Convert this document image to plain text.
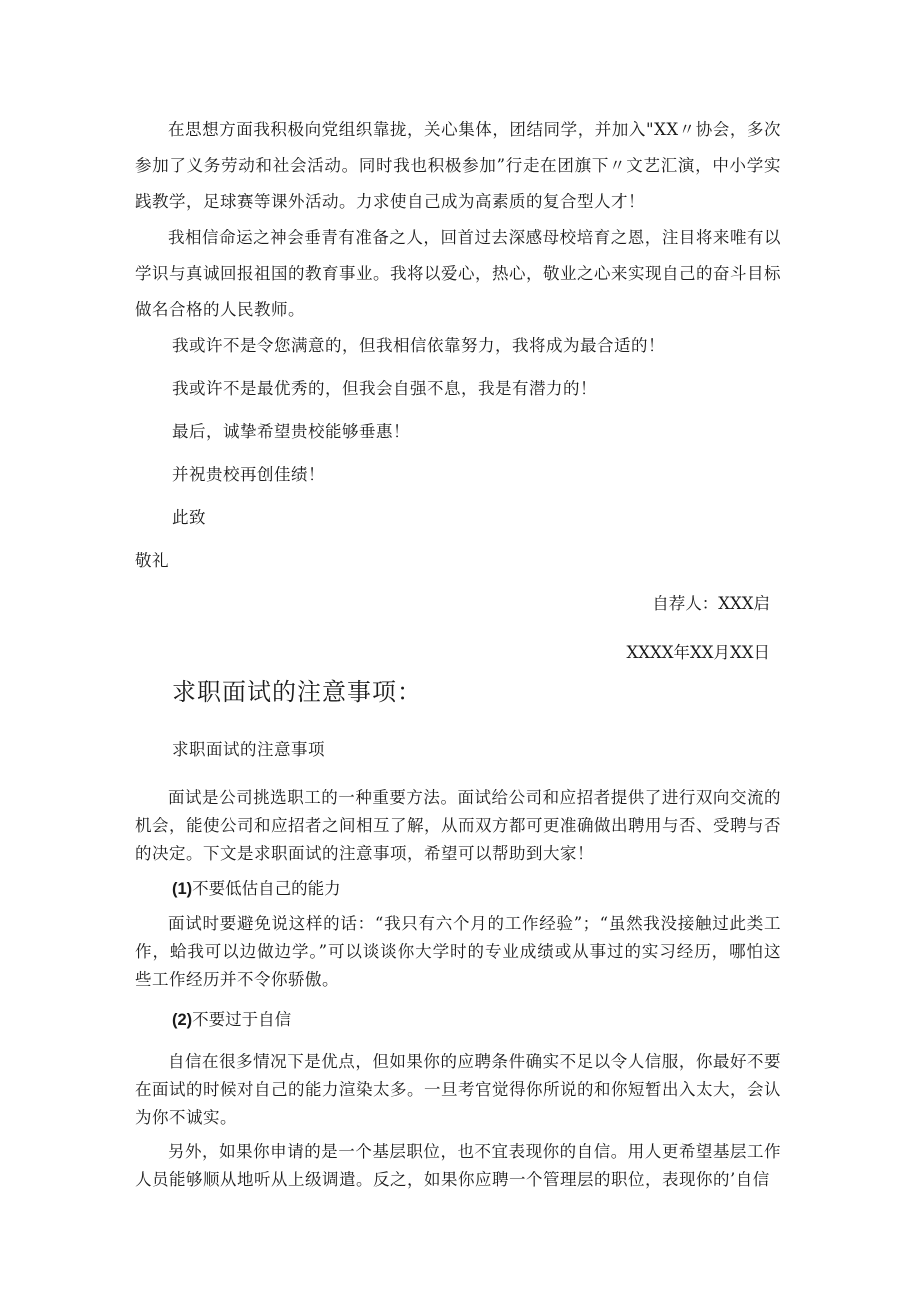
在思想方面我积极向党组织靠拢，关心集体，团结同学，并加入"XX〃协会，多次参加了义务劳动和社会活动。同时我也积极参加”行走在团旗下〃文艺汇演，中小学实践教学，足球赛等课外活动。力求使自己成为高素质的复合型人才！

我相信命运之神会垂青有准备之人，回首过去深感母校培育之恩，注目将来唯有以学识与真诚回报祖国的教育事业。我将以爱心，热心，敬业之心来实现自己的奋斗目标做名合格的人民教师。

我或许不是令您满意的，但我相信依靠努力，我将成为最合适的！

我或许不是最优秀的，但我会自强不息，我是有潜力的！

最后，诚挚希望贵校能够垂惠！

并祝贵校再创佳绩！

此致

敬礼

自荐人：XXX启

XXXX年XX月XX日

求职面试的注意事项：

求职面试的注意事项

面试是公司挑选职工的一种重要方法。面试给公司和应招者提供了进行双向交流的机会，能使公司和应招者之间相互了解，从而双方都可更准确做出聘用与否、受聘与否的决定。下文是求职面试的注意事项，希望可以帮助到大家！

(1)不要低估自己的能力

面试时要避免说这样的话：“我只有六个月的工作经验”；“虽然我没接触过此类工作，蛤我可以边做边学。”可以谈谈你大学时的专业成绩或从事过的实习经历，哪怕这些工作经历并不令你骄傲。

(2)不要过于自信

自信在很多情况下是优点，但如果你的应聘条件确实不足以令人信服，你最好不要在面试的时候对自己的能力渲染太多。一旦考官觉得你所说的和你短暂出入太大，会认为你不诚实。

另外，如果你申请的是一个基层职位，也不宜表现你的自信。用人更希望基层工作人员能够顺从地听从上级调遣。反之，如果你应聘一个管理层的职位，表现你的’自信
